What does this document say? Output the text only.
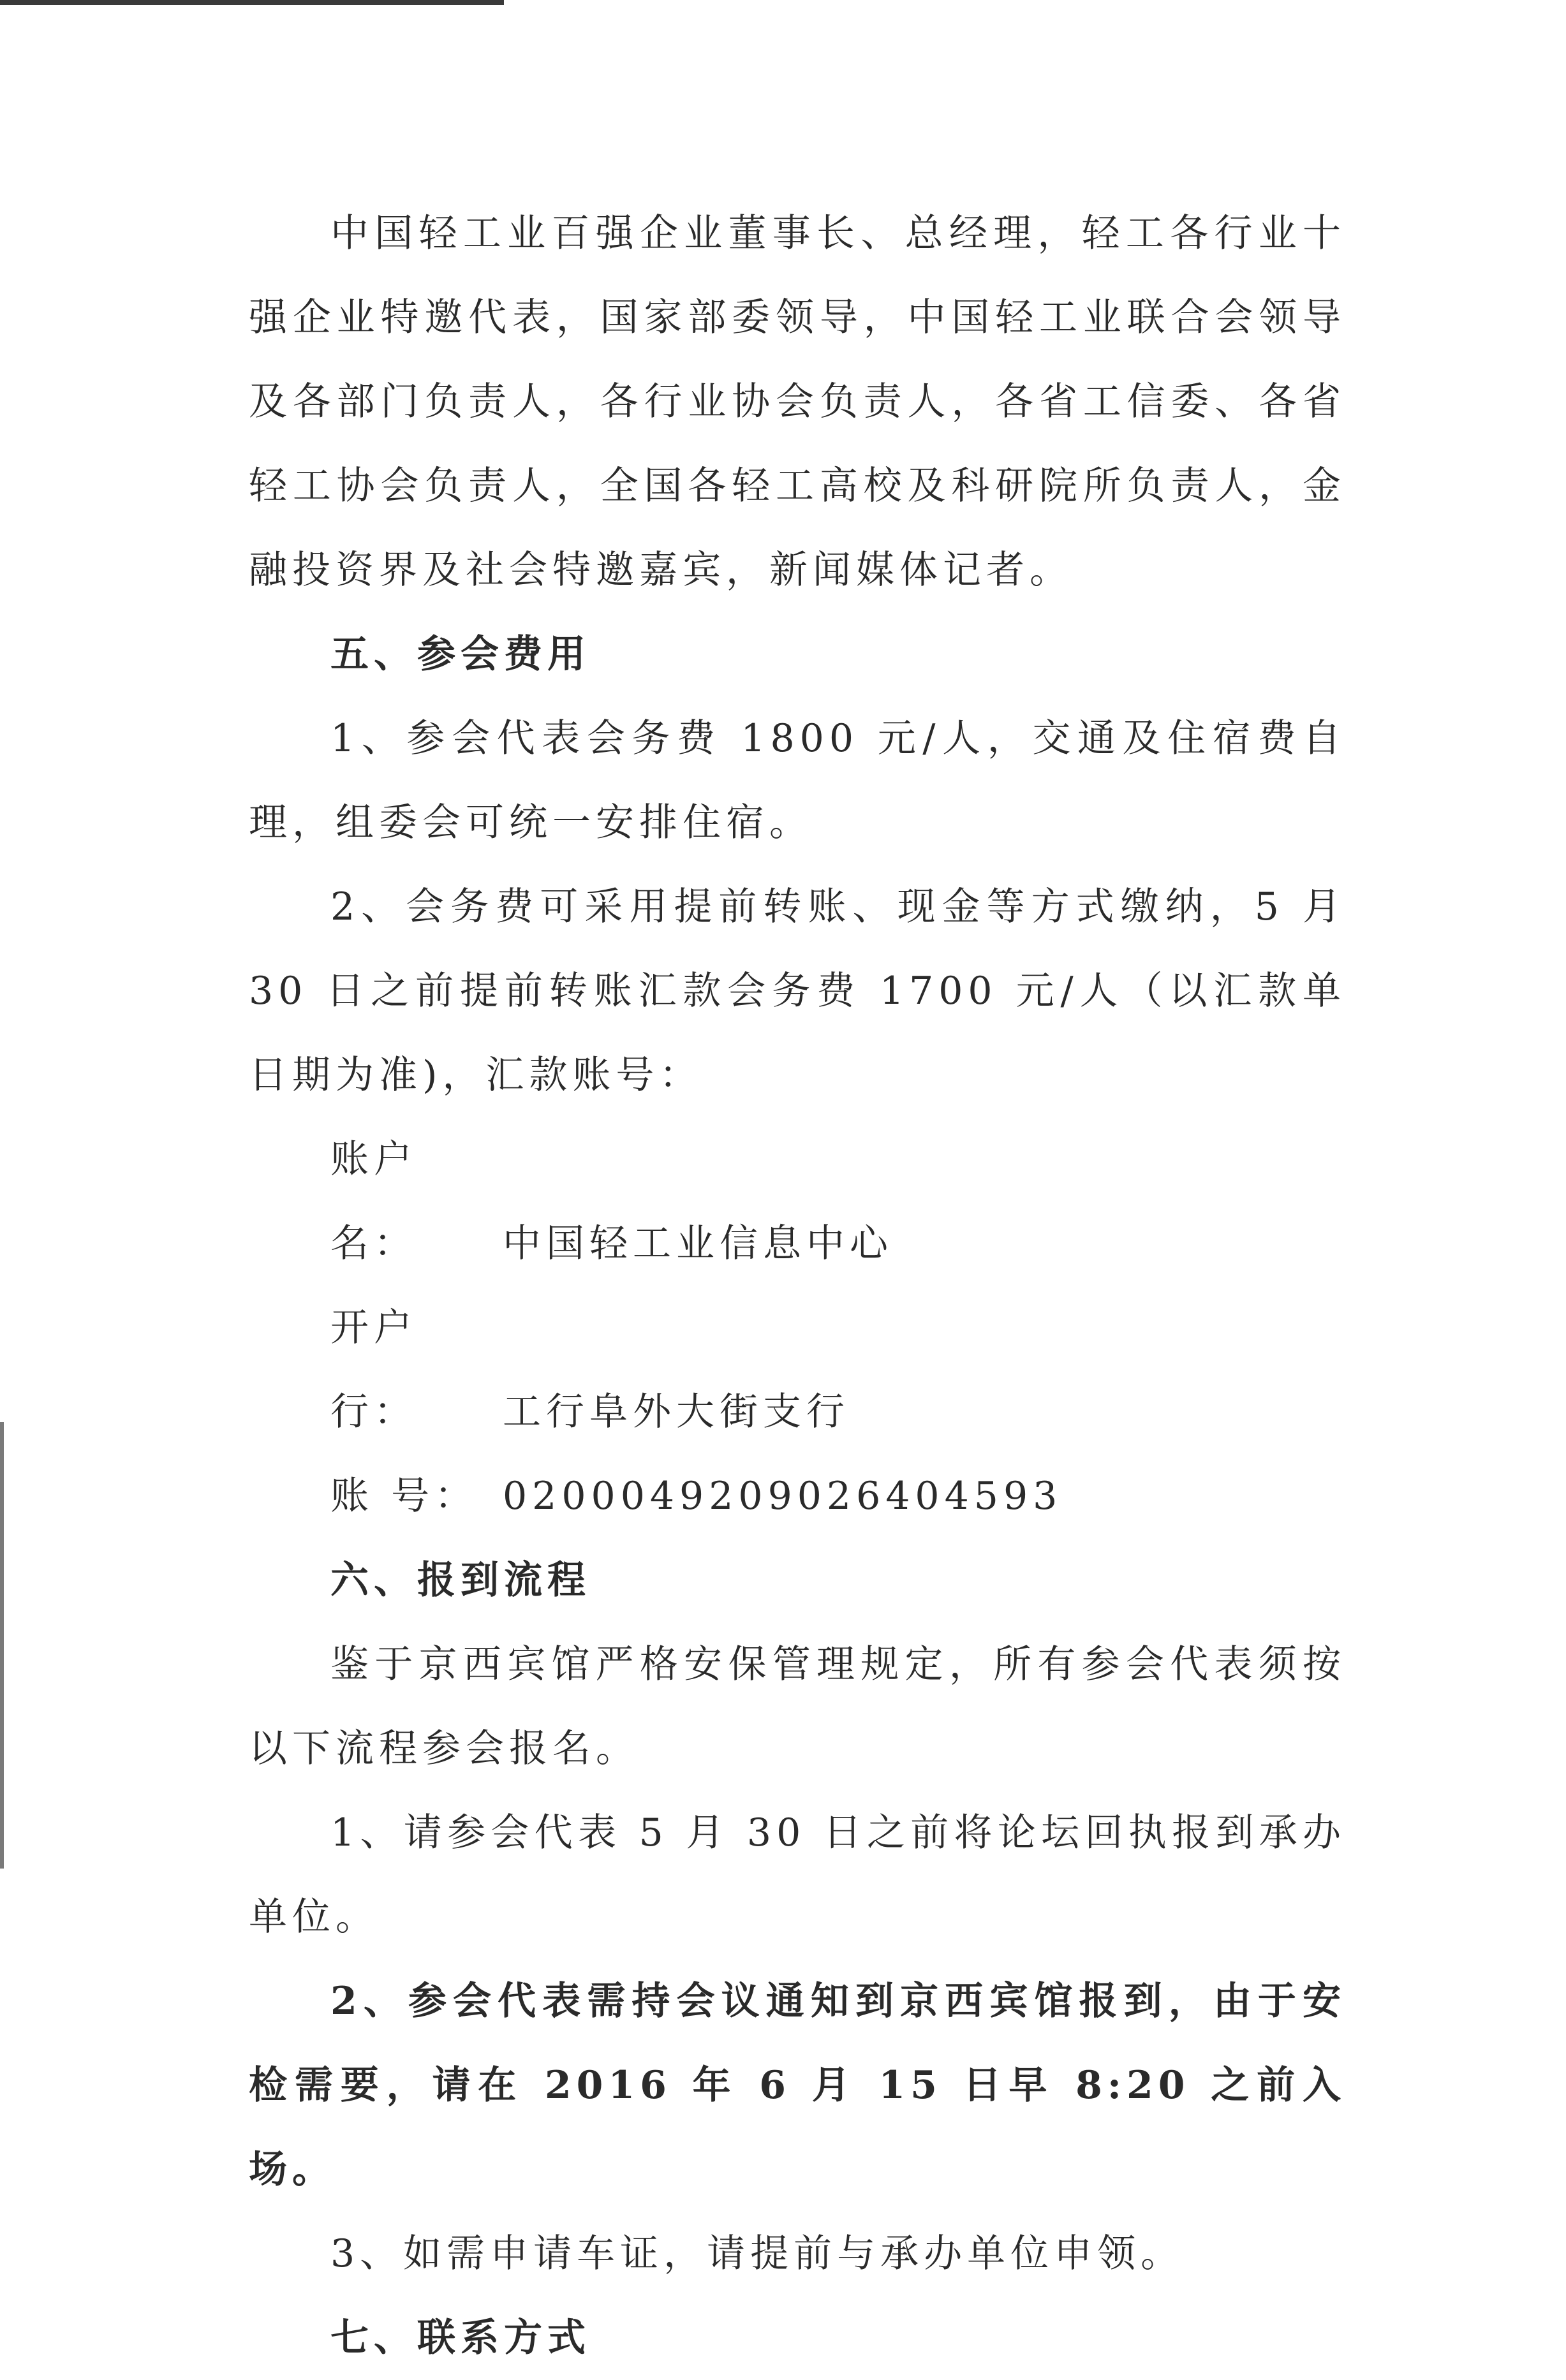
中国轻工业百强企业董事长、总经理，轻工各行业十强企业特邀代表，国家部委领导，中国轻工业联合会领导及各部门负责人，各行业协会负责人，各省工信委、各省轻工协会负责人，全国各轻工高校及科研院所负责人，金融投资界及社会特邀嘉宾，新闻媒体记者。

五、参会费用

1、参会代表会务费 1800 元/人，交通及住宿费自理，组委会可统一安排住宿。

2、会务费可采用提前转账、现金等方式缴纳，5 月 30 日之前提前转账汇款会务费 1700 元/人（以汇款单日期为准)，汇款账号：

账户名： 中国轻工业信息中心

开户行： 工行阜外大街支行

账 号： 0200049209026404593

六、报到流程

鉴于京西宾馆严格安保管理规定，所有参会代表须按以下流程参会报名。

1、请参会代表 5 月 30 日之前将论坛回执报到承办单位。

2、参会代表需持会议通知到京西宾馆报到，由于安检需要，请在 2016 年 6 月 15 日早 8:20 之前入场。

3、如需申请车证，请提前与承办单位申领。

七、联系方式
